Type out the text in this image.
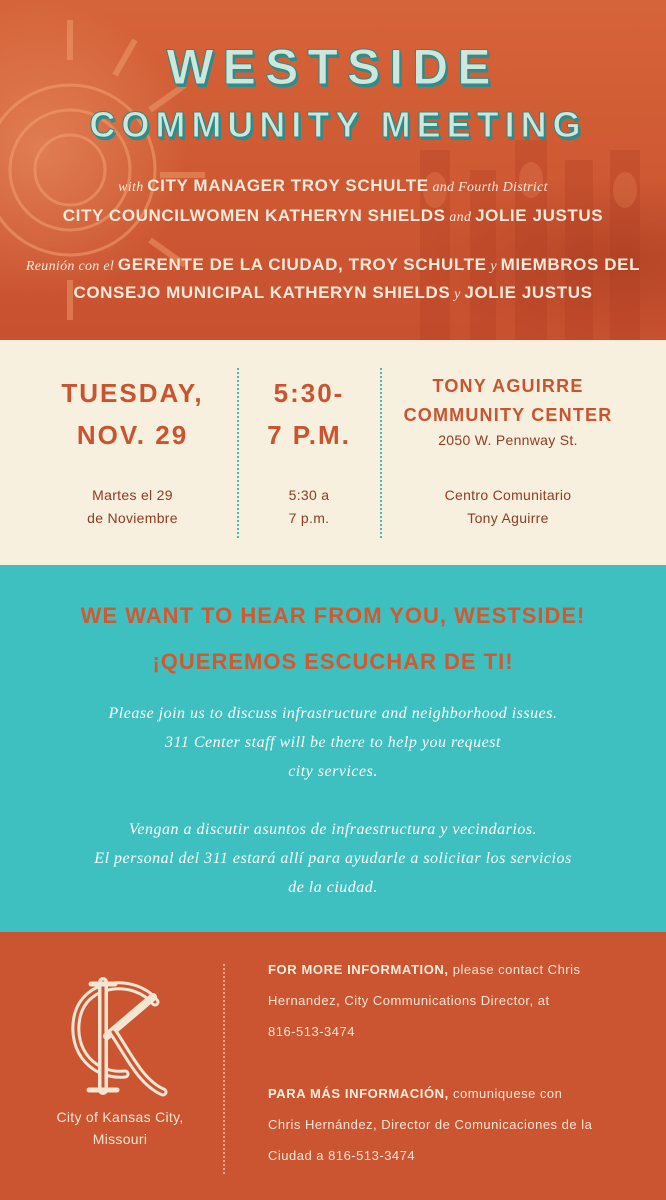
WESTSIDE
COMMUNITY MEETING
with CITY MANAGER TROY SCHULTE and Fourth District
CITY COUNCILWOMEN KATHERYN SHIELDS and JOLIE JUSTUS
Reunión con el GERENTE DE LA CIUDAD, TROY SCHULTE y MIEMBROS DEL
CONSEJO MUNICIPAL KATHERYN SHIELDS y JOLIE JUSTUS
TUESDAY,
NOV. 29
Martes el 29
de Noviembre
5:30-
7 P.M.
5:30 a
7 p.m.
TONY AGUIRRE
COMMUNITY CENTER
2050 W. Pennway St.
Centro Comunitario
Tony Aguirre
WE WANT TO HEAR FROM YOU, WESTSIDE!
¡QUEREMOS ESCUCHAR DE TI!
Please join us to discuss infrastructure and neighborhood issues.
311 Center staff will be there to help you request
city services.
Vengan a discutir asuntos de infraestructura y vecindarios.
El personal del 311 estará allí para ayudarle a solicitar los servicios
de la ciudad.
City of Kansas City,
Missouri
FOR MORE INFORMATION, please contact Chris
Hernandez, City Communications Director, at
816-513-3474
PARA MÁS INFORMACIÓN, comuniquese con
Chris Hernández, Director de Comunicaciones de la
Ciudad a 816-513-3474
